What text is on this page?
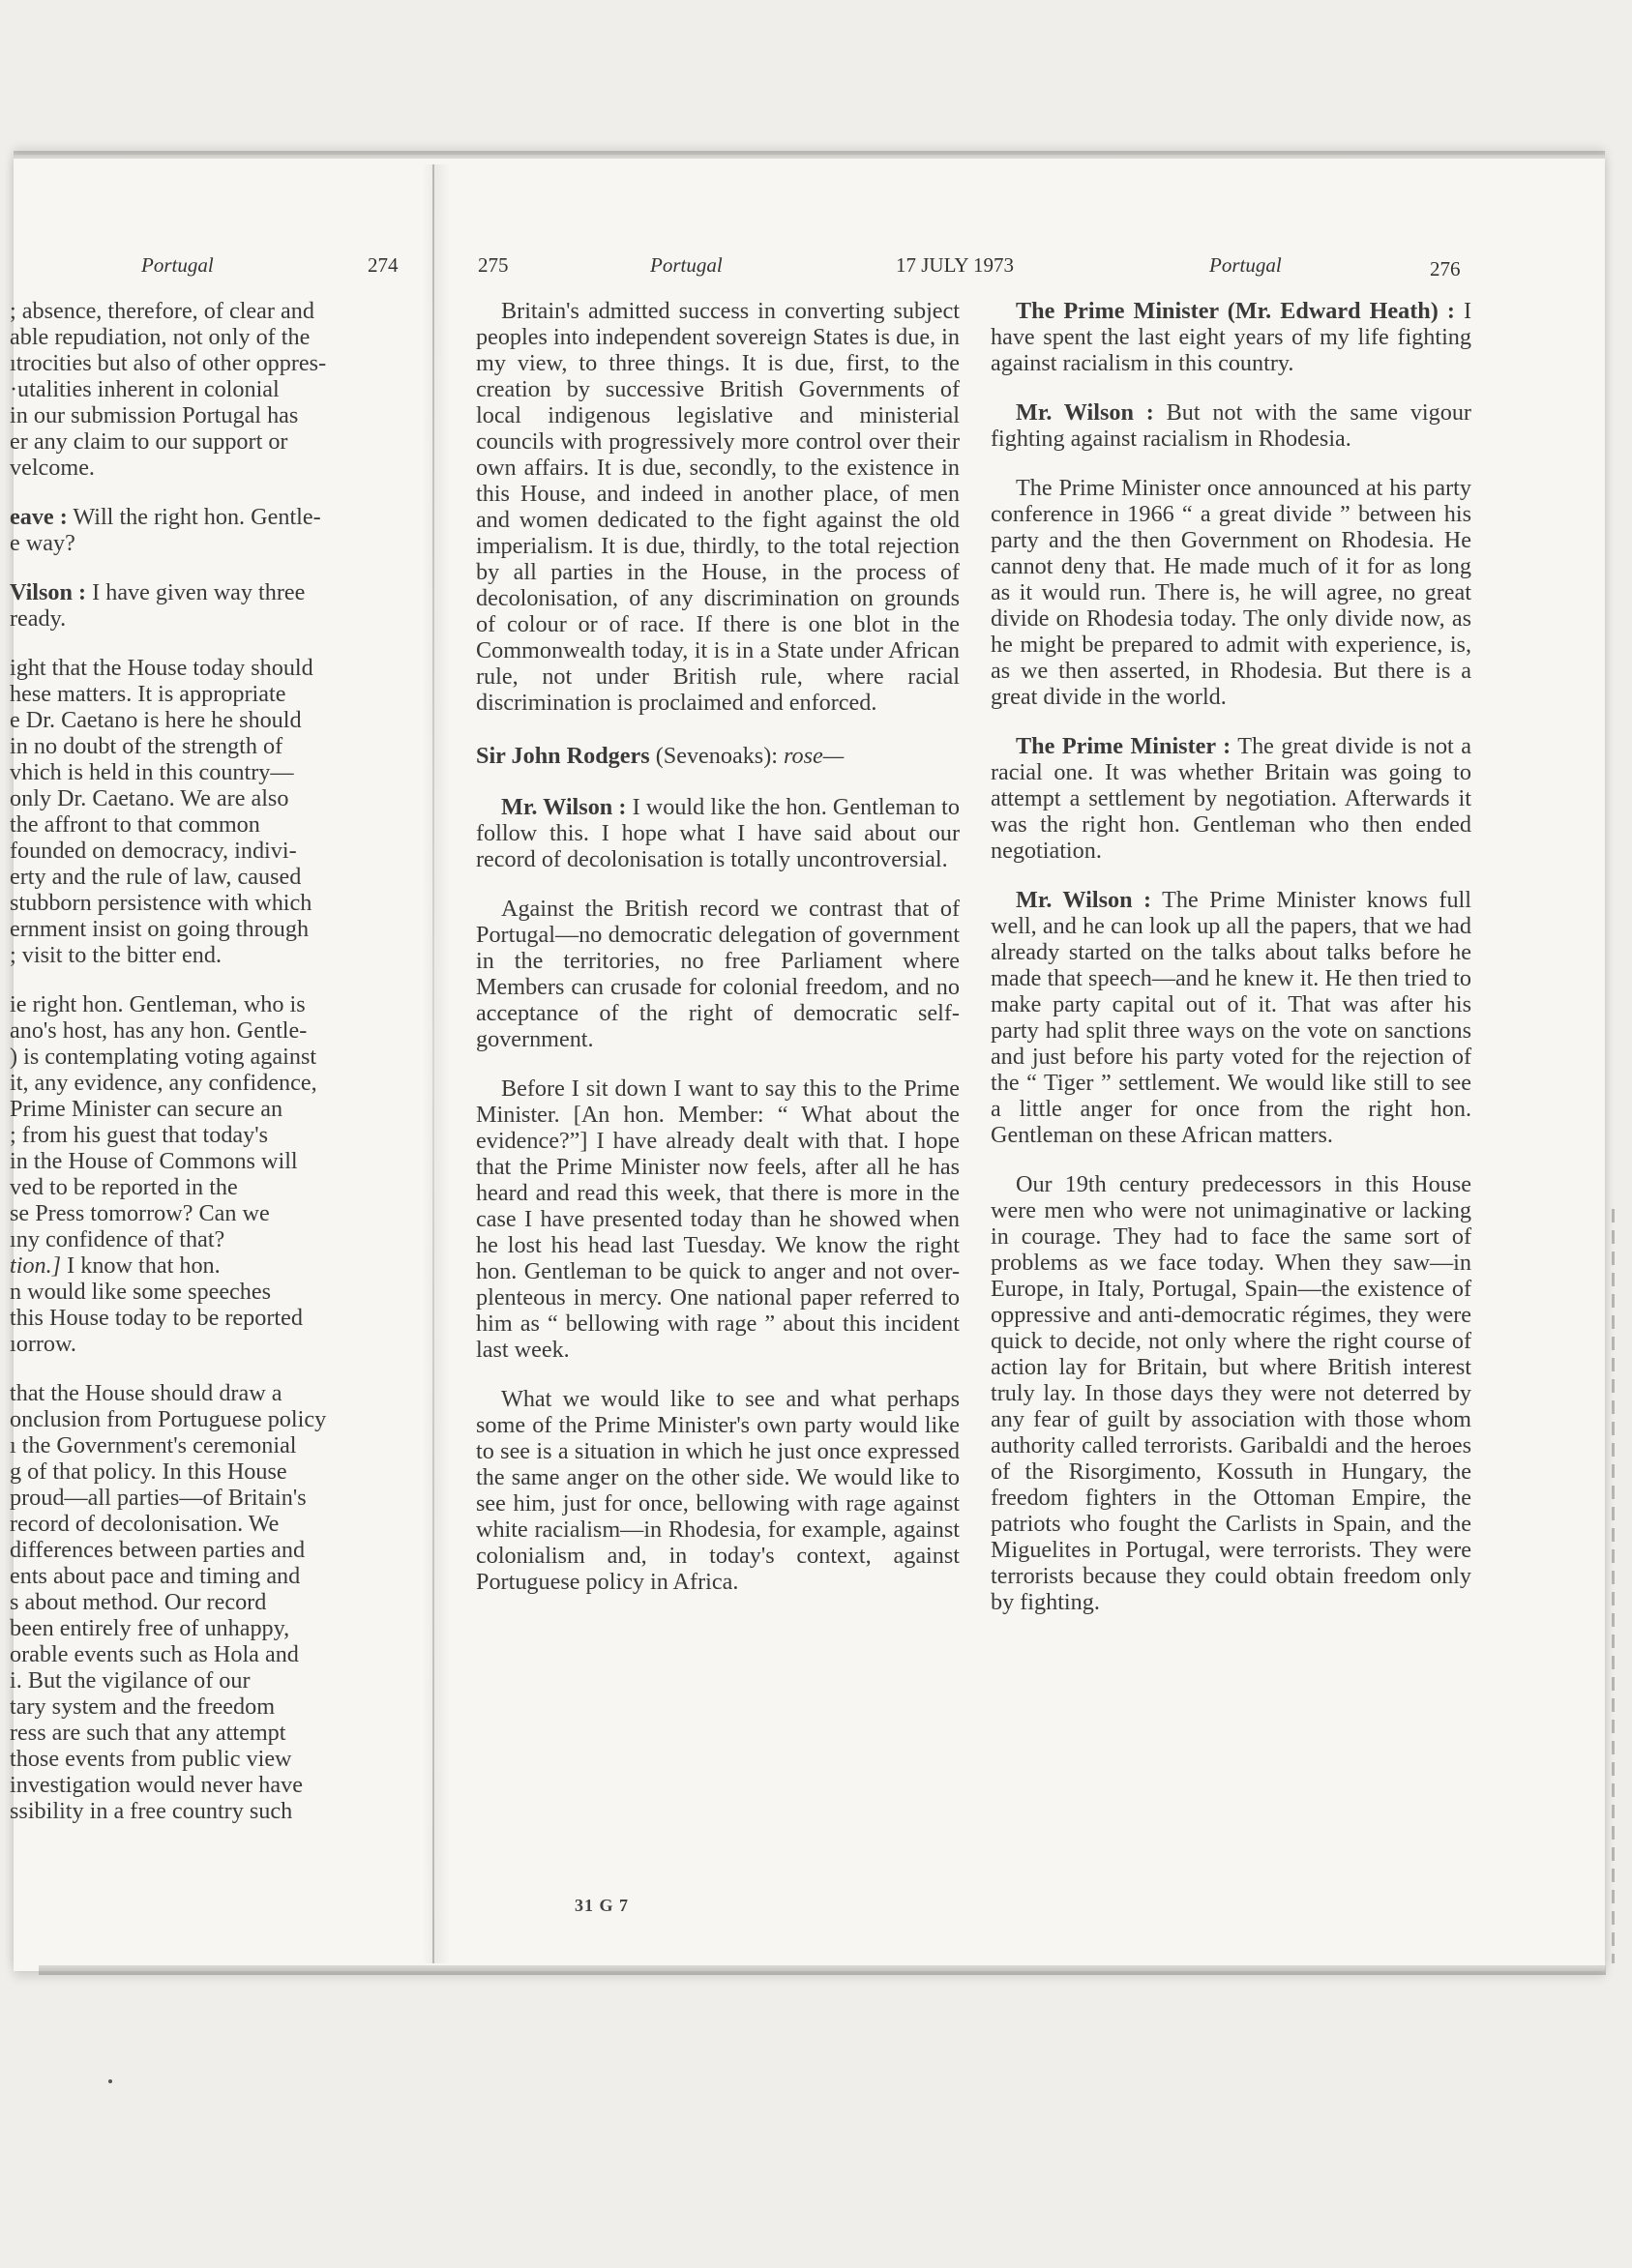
Portugal	274	275	Portugal	17 JULY 1973	Portugal	276

; absence, therefore, of clear and
able repudiation, not only of the
ıtrocities but also of other oppres-
·utalities inherent in colonial
in our submission Portugal has
er any claim to our support or
velcome.

eave : Will the right hon. Gentle-
e way?

Vilson : I have given way three
ready.

ight that the House today should
hese matters. It is appropriate
e Dr. Caetano is here he should
in no doubt of the strength of
vhich is held in this country—
only Dr. Caetano. We are also
the affront to that common
founded on democracy, indivi-
erty and the rule of law, caused
stubborn persistence with which
ernment insist on going through
; visit to the bitter end.

ie right hon. Gentleman, who is
ano's host, has any hon. Gentle-
) is contemplating voting against
it, any evidence, any confidence,
Prime Minister can secure an
; from his guest that today's
in the House of Commons will
ved to be reported in the
se Press tomorrow? Can we
ıny confidence of that?
tion.] I know that hon.
n would like some speeches
this House today to be reported
ıorrow.

that the House should draw a
onclusion from Portuguese policy
ı the Government's ceremonial
g of that policy. In this House
proud—all parties—of Britain's
record of decolonisation. We
differences between parties and
ents about pace and timing and
s about method. Our record
been entirely free of unhappy,
orable events such as Hola and
i. But the vigilance of our
tary system and the freedom
ress are such that any attempt
those events from public view
investigation would never have
ssibility in a free country such

Britain's admitted success in converting subject peoples into independent sovereign States is due, in my view, to three things. It is due, first, to the creation by successive British Governments of local indigenous legislative and ministerial councils with progressively more control over their own affairs. It is due, secondly, to the existence in this House, and indeed in another place, of men and women dedicated to the fight against the old imperialism. It is due, thirdly, to the total rejection by all parties in the House, in the process of decolonisation, of any discrimination on grounds of colour or of race. If there is one blot in the Commonwealth today, it is in a State under African rule, not under British rule, where racial discrimination is proclaimed and enforced.

Sir John Rodgers (Sevenoaks): rose—

Mr. Wilson : I would like the hon. Gentleman to follow this. I hope what I have said about our record of decolonisation is totally uncontroversial.

Against the British record we contrast that of Portugal—no democratic delegation of government in the territories, no free Parliament where Members can crusade for colonial freedom, and no acceptance of the right of democratic self-government.

Before I sit down I want to say this to the Prime Minister. [An hon. Member: “ What about the evidence?”] I have already dealt with that. I hope that the Prime Minister now feels, after all he has heard and read this week, that there is more in the case I have presented today than he showed when he lost his head last Tuesday. We know the right hon. Gentleman to be quick to anger and not over-plenteous in mercy. One national paper referred to him as “ bellowing with rage ” about this incident last week.

What we would like to see and what perhaps some of the Prime Minister's own party would like to see is a situation in which he just once expressed the same anger on the other side. We would like to see him, just for once, bellowing with rage against white racialism—in Rhodesia, for example, against colonialism and, in today's context, against Portuguese policy in Africa.

31 G 7

The Prime Minister (Mr. Edward Heath) : I have spent the last eight years of my life fighting against racialism in this country.

Mr. Wilson : But not with the same vigour fighting against racialism in Rhodesia.

The Prime Minister once announced at his party conference in 1966 “ a great divide ” between his party and the then Government on Rhodesia. He cannot deny that. He made much of it for as long as it would run. There is, he will agree, no great divide on Rhodesia today. The only divide now, as he might be prepared to admit with experience, is, as we then asserted, in Rhodesia. But there is a great divide in the world.

The Prime Minister : The great divide is not a racial one. It was whether Britain was going to attempt a settlement by negotiation. Afterwards it was the right hon. Gentleman who then ended negotiation.

Mr. Wilson : The Prime Minister knows full well, and he can look up all the papers, that we had already started on the talks about talks before he made that speech—and he knew it. He then tried to make party capital out of it. That was after his party had split three ways on the vote on sanctions and just before his party voted for the rejection of the “ Tiger ” settlement. We would like still to see a little anger for once from the right hon. Gentleman on these African matters.

Our 19th century predecessors in this House were men who were not unimaginative or lacking in courage. They had to face the same sort of problems as we face today. When they saw—in Europe, in Italy, Portugal, Spain—the existence of oppressive and anti-democratic régimes, they were quick to decide, not only where the right course of action lay for Britain, but where British interest truly lay. In those days they were not deterred by any fear of guilt by association with those whom authority called terrorists. Garibaldi and the heroes of the Risorgimento, Kossuth in Hungary, the freedom fighters in the Ottoman Empire, the patriots who fought the Carlists in Spain, and the Miguelites in Portugal, were terrorists. They were terrorists because they could obtain freedom only by fighting.
